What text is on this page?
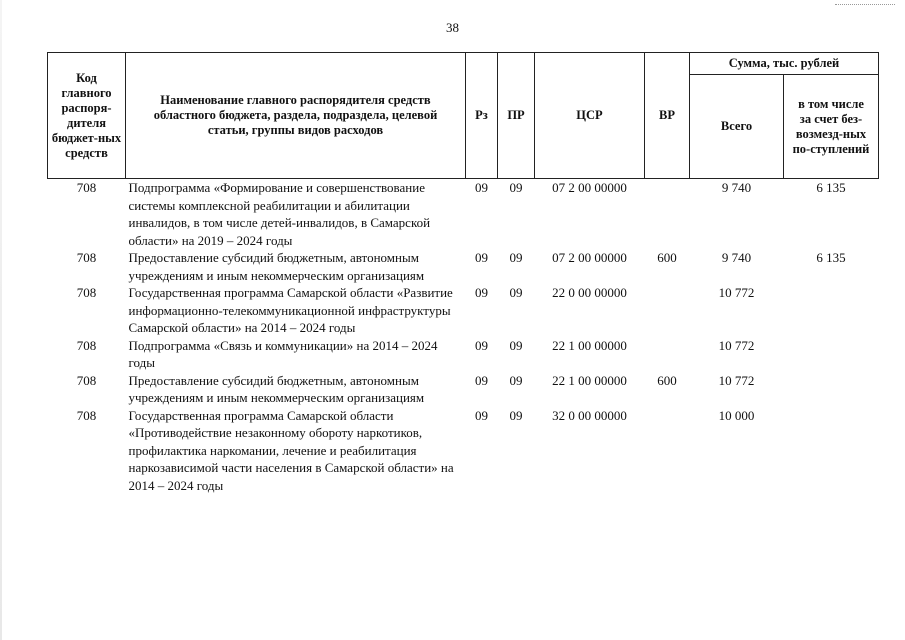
38
Код главного распоря-дителя бюджет-ных средств	Наименование главного распорядителя средств областного бюджета, раздела, подраздела, целевой статьи, группы видов расходов	Рз	ПР	ЦСР	ВР	Сумма, тыс. рублей	
						Всего	в том числе за счет без-возмезд-ных по-ступлений
708	Подпрограмма «Формирование и совершенствование системы комплексной реабилитации и абилитации инвалидов, в том числе детей-инвалидов, в Самарской области» на 2019 – 2024 годы	09	09	07 2 00 00000		9 740	6 135
708	Предоставление субсидий бюджетным, автономным учреждениям и иным некоммерческим организациям	09	09	07 2 00 00000	600	9 740	6 135
708	Государственная программа Самарской области «Развитие информационно-телекоммуникационной инфраструктуры Самарской области» на 2014 – 2024 годы	09	09	22 0 00 00000		10 772	
708	Подпрограмма «Связь и коммуникации» на 2014 – 2024 годы	09	09	22 1 00 00000		10 772	
708	Предоставление субсидий бюджетным, автономным учреждениям и иным некоммерческим организациям	09	09	22 1 00 00000	600	10 772	
708	Государственная программа Самарской области «Противодействие незаконному обороту наркотиков, профилактика наркомании, лечение и реабилитация наркозависимой части населения в Самарской области» на 2014 – 2024 годы	09	09	32 0 00 00000		10 000	
